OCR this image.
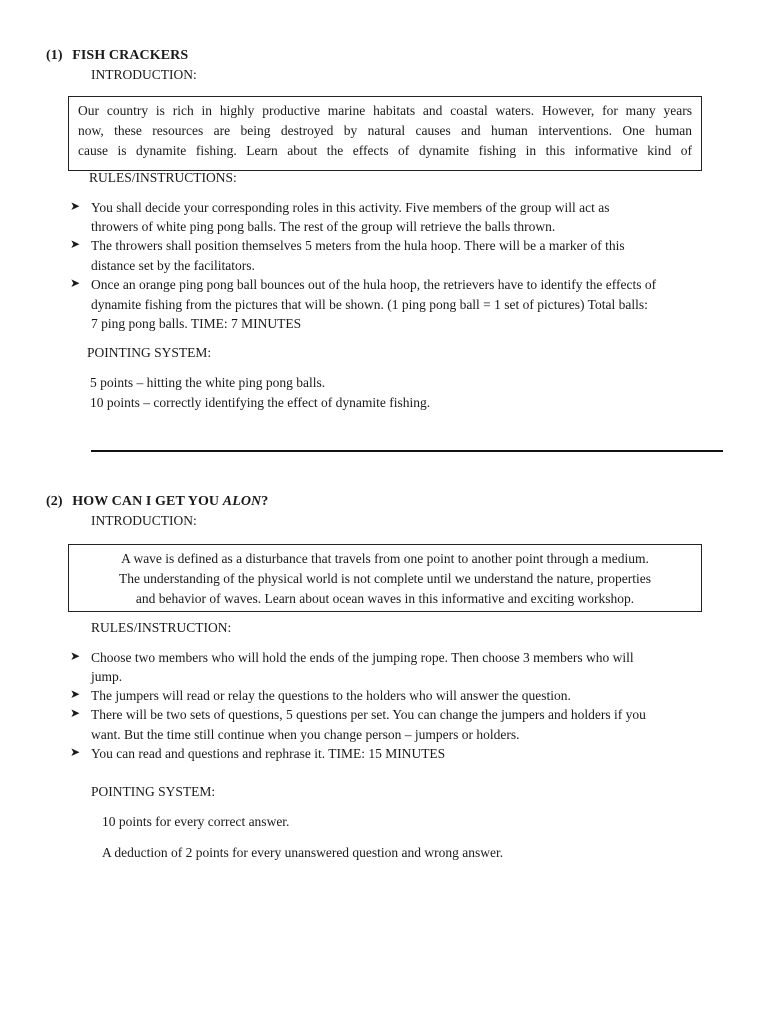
(1) FISH CRACKERS
INTRODUCTION:
Our country is rich in highly productive marine habitats and coastal waters. However, for many years
now, these resources are being destroyed by natural causes and human interventions. One human
cause is dynamite fishing. Learn about the effects of dynamite fishing in this informative kind of
RULES/INSTRUCTIONS:
➤ You shall decide your corresponding roles in this activity. Five members of the group will act as
throwers of white ping pong balls. The rest of the group will retrieve the balls thrown.
➤ The throwers shall position themselves 5 meters from the hula hoop. There will be a marker of this
distance set by the facilitators.
➤ Once an orange ping pong ball bounces out of the hula hoop, the retrievers have to identify the effects of
dynamite fishing from the pictures that will be shown. (1 ping pong ball = 1 set of pictures) Total balls:
7 ping pong balls. TIME: 7 MINUTES
POINTING SYSTEM:
5 points – hitting the white ping pong balls.
10 points – correctly identifying the effect of dynamite fishing.
(2) HOW CAN I GET YOU ALON?
INTRODUCTION:
A wave is defined as a disturbance that travels from one point to another point through a medium.
The understanding of the physical world is not complete until we understand the nature, properties
and behavior of waves. Learn about ocean waves in this informative and exciting workshop.
RULES/INSTRUCTION:
➤ Choose two members who will hold the ends of the jumping rope. Then choose 3 members who will
jump.
➤ The jumpers will read or relay the questions to the holders who will answer the question.
➤ There will be two sets of questions, 5 questions per set. You can change the jumpers and holders if you
want. But the time still continue when you change person – jumpers or holders.
➤ You can read and questions and rephrase it. TIME: 15 MINUTES
POINTING SYSTEM:
10 points for every correct answer.
A deduction of 2 points for every unanswered question and wrong answer.
